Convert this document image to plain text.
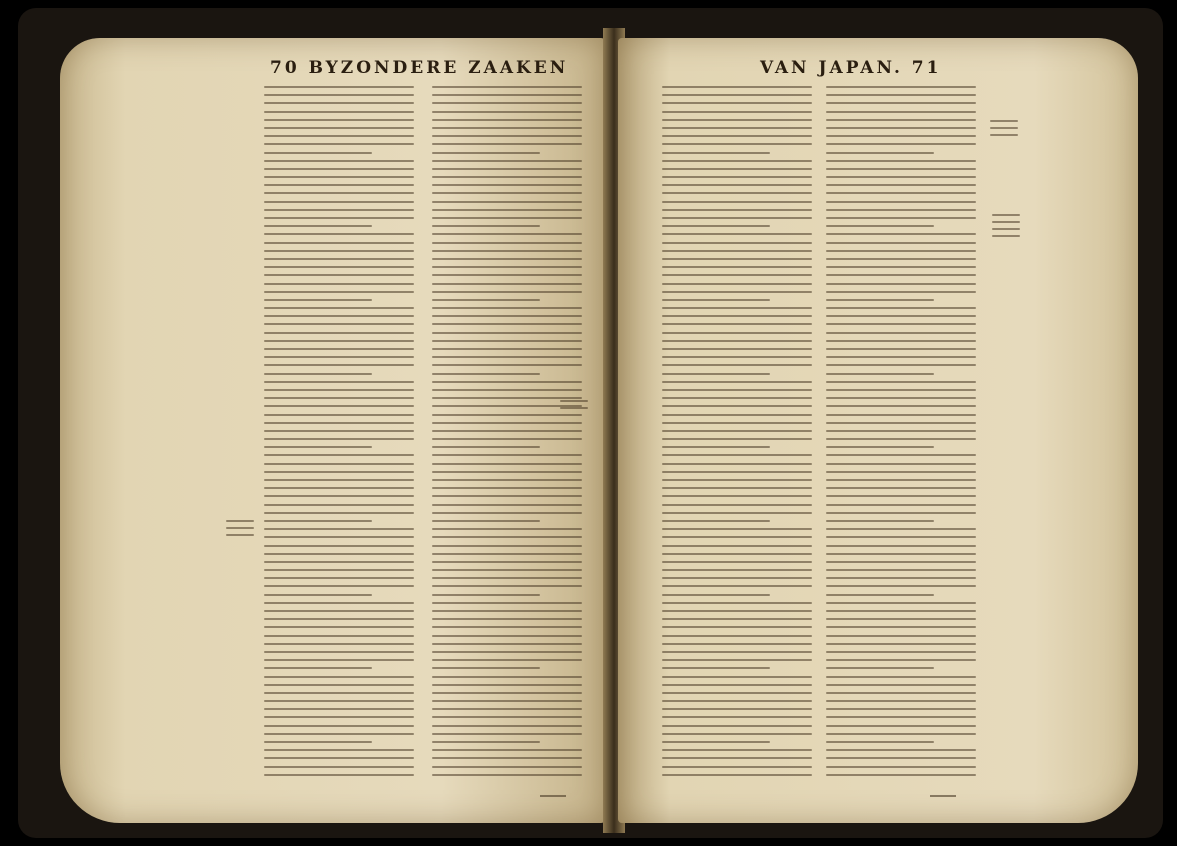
70 BYZONDERE ZAAKEN	VAN JAPAN. 71
